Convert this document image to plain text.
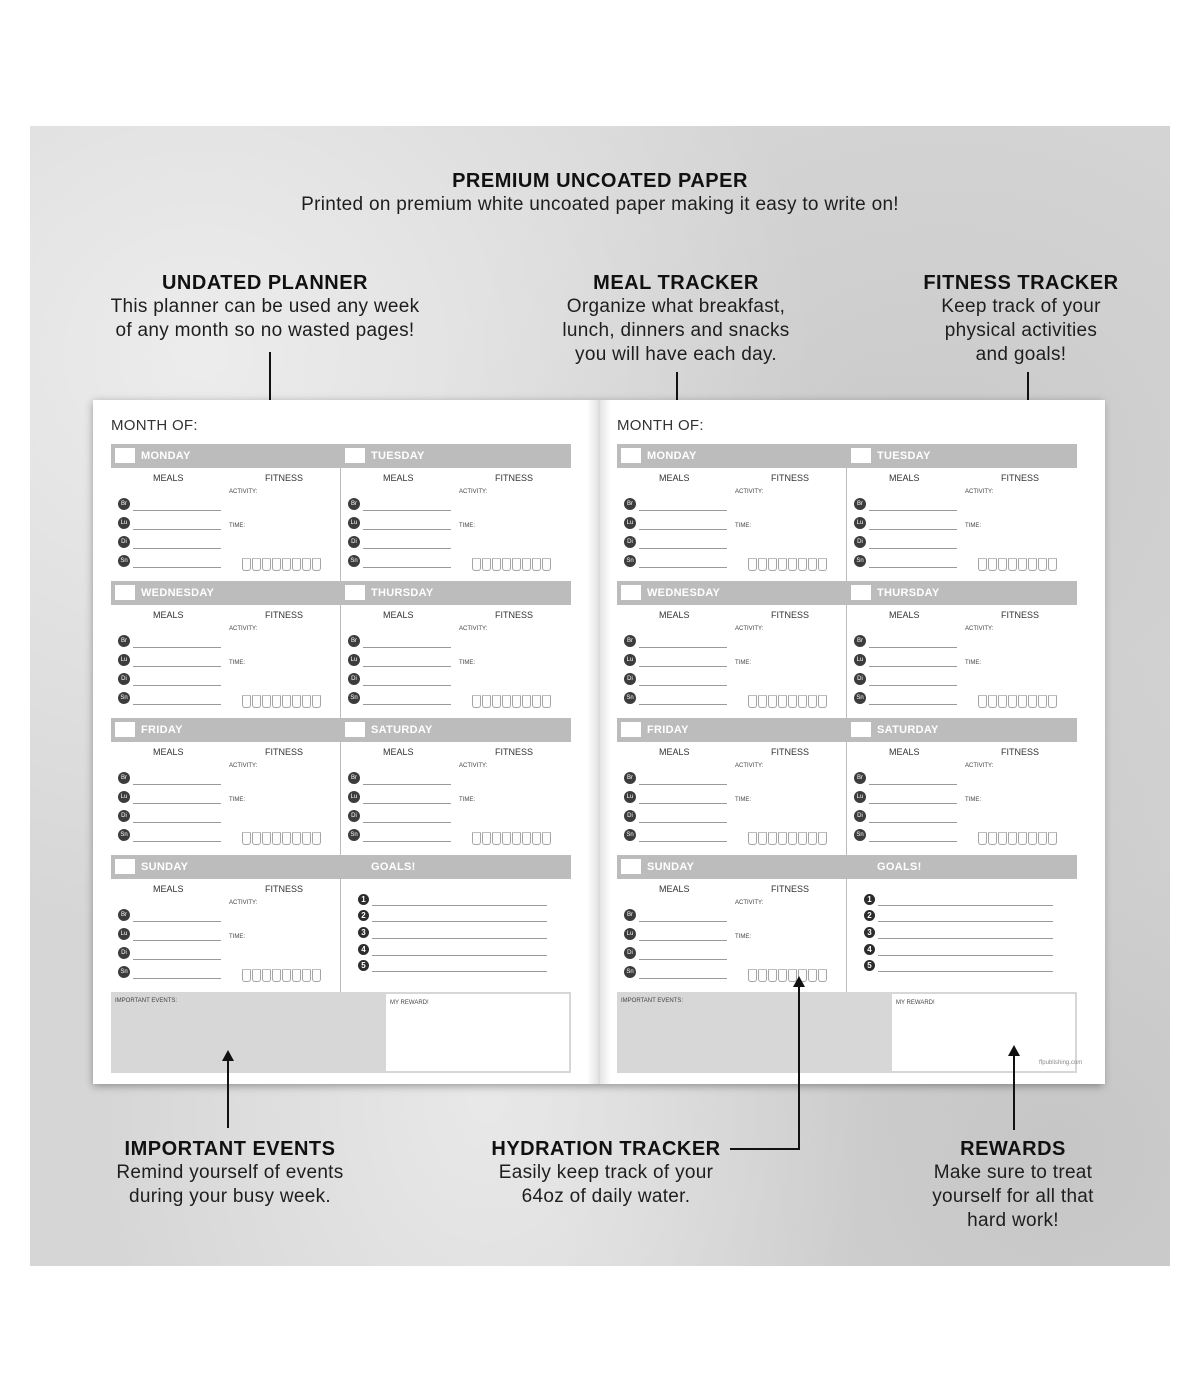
PREMIUM UNCOATED PAPER
Printed on premium white uncoated paper making it easy to write on!
UNDATED PLANNER
This planner can be used any week
of any month so no wasted pages!
MEAL TRACKER
Organize what breakfast,
lunch, dinners and snacks
you will have each day.
FITNESS TRACKER
Keep track of your
physical activities
and goals!
MONTH OF:
MONDAY
MEALS	FITNESS
ACTIVITY:
TIME:
Br
Lu
Di
Sn
TUESDAY
MEALS	FITNESS
ACTIVITY:
TIME:
Br
Lu
Di
Sn
WEDNESDAY
MEALS	FITNESS
ACTIVITY:
TIME:
Br
Lu
Di
Sn
THURSDAY
MEALS	FITNESS
ACTIVITY:
TIME:
Br
Lu
Di
Sn
FRIDAY
MEALS	FITNESS
ACTIVITY:
TIME:
Br
Lu
Di
Sn
SATURDAY
MEALS	FITNESS
ACTIVITY:
TIME:
Br
Lu
Di
Sn
SUNDAY
MEALS	FITNESS
ACTIVITY:
TIME:
Br
Lu
Di
Sn
GOALS!
1
2
3
4
5
IMPORTANT EVENTS:	MY REWARD!
MONTH OF:
MONDAY
MEALS	FITNESS
ACTIVITY:
TIME:
Br
Lu
Di
Sn
TUESDAY
MEALS	FITNESS
ACTIVITY:
TIME:
Br
Lu
Di
Sn
WEDNESDAY
MEALS	FITNESS
ACTIVITY:
TIME:
Br
Lu
Di
Sn
THURSDAY
MEALS	FITNESS
ACTIVITY:
TIME:
Br
Lu
Di
Sn
FRIDAY
MEALS	FITNESS
ACTIVITY:
TIME:
Br
Lu
Di
Sn
SATURDAY
MEALS	FITNESS
ACTIVITY:
TIME:
Br
Lu
Di
Sn
SUNDAY
MEALS	FITNESS
ACTIVITY:
TIME:
Br
Lu
Di
Sn
GOALS!
1
2
3
4
5
IMPORTANT EVENTS:	MY REWARD!
ffpublishing.com
IMPORTANT EVENTS
Remind yourself of events
during your busy week.
HYDRATION TRACKER
Easily keep track of your
64oz of daily water.
REWARDS
Make sure to treat
yourself for all that
hard work!
